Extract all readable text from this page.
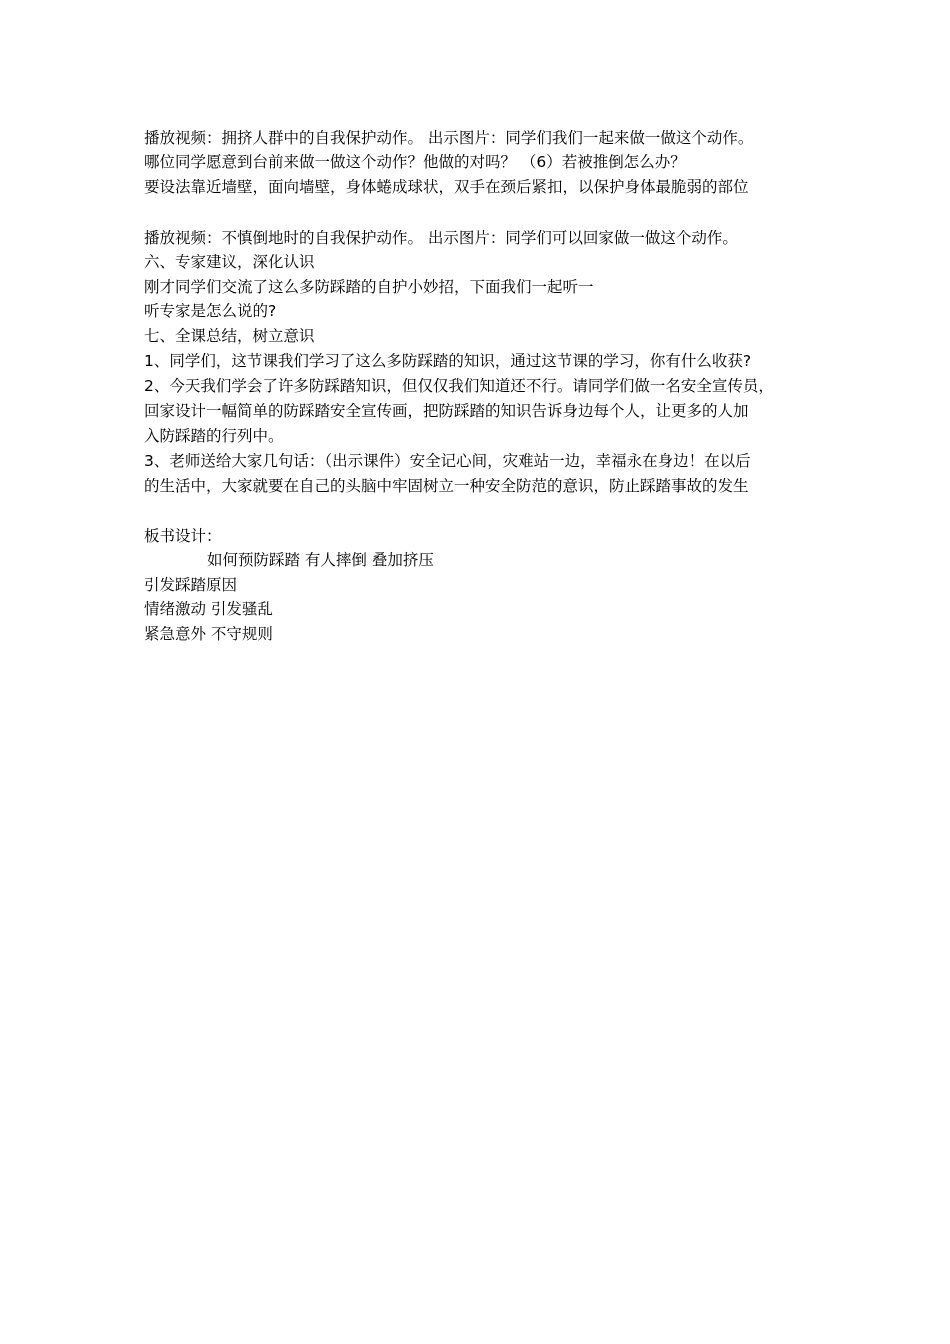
播放视频：拥挤人群中的自我保护动作。 出示图片：同学们我们一起来做一做这个动作。
哪位同学愿意到台前来做一做这个动作？他做的对吗？ （6）若被推倒怎么办？
要设法靠近墙壁，面向墙壁，身体蜷成球状，双手在颈后紧扣，以保护身体最脆弱的部位
播放视频：不慎倒地时的自我保护动作。 出示图片：同学们可以回家做一做这个动作。
六、专家建议，深化认识
刚才同学们交流了这么多防踩踏的自护小妙招，下面我们一起听一
听专家是怎么说的?
七、全课总结，树立意识
1、同学们，这节课我们学习了这么多防踩踏的知识，通过这节课的学习，你有什么收获?
2、今天我们学会了许多防踩踏知识，但仅仅我们知道还不行。请同学们做一名安全宣传员，
回家设计一幅简单的防踩踏安全宣传画，把防踩踏的知识告诉身边每个人，让更多的人加
入防踩踏的行列中。
3、老师送给大家几句话：（出示课件）安全记心间，灾难站一边，幸福永在身边！在以后
的生活中，大家就要在自己的头脑中牢固树立一种安全防范的意识，防止踩踏事故的发生
板书设计：
如何预防踩踏 有人摔倒 叠加挤压
引发踩踏原因
情绪激动 引发骚乱
紧急意外 不守规则
